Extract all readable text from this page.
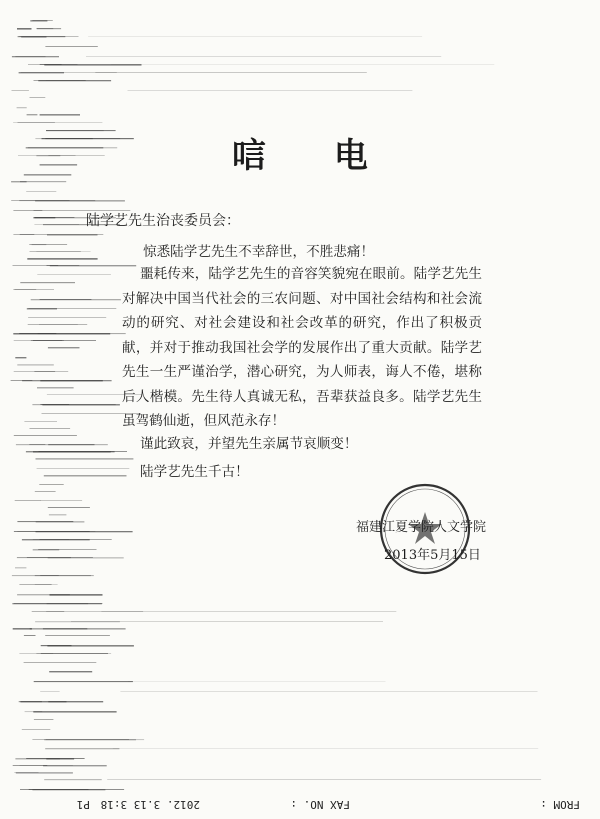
唁 电
陆学艺先生治丧委员会：
惊悉陆学艺先生不幸辞世，不胜悲痛！

噩耗传来，陆学艺先生的音容笑貌宛在眼前。陆学艺先生对解决中国当代社会的三农问题、对中国社会结构和社会流动的研究、对社会建设和社会改革的研究，作出了积极贡献，并对于推动我国社会学的发展作出了重大贡献。陆学艺先生一生严谨治学，潜心研究，为人师表，诲人不倦，堪称后人楷模。先生待人真诚无私，吾辈获益良多。陆学艺先生虽驾鹤仙逝，但风范永存！

谨此致哀，并望先生亲属节哀顺变！
陆学艺先生千古！
福建江夏学院人文学院
2013年5月15日
FROM :
FAX NO. :
2012. 3.13 3:18
P1
